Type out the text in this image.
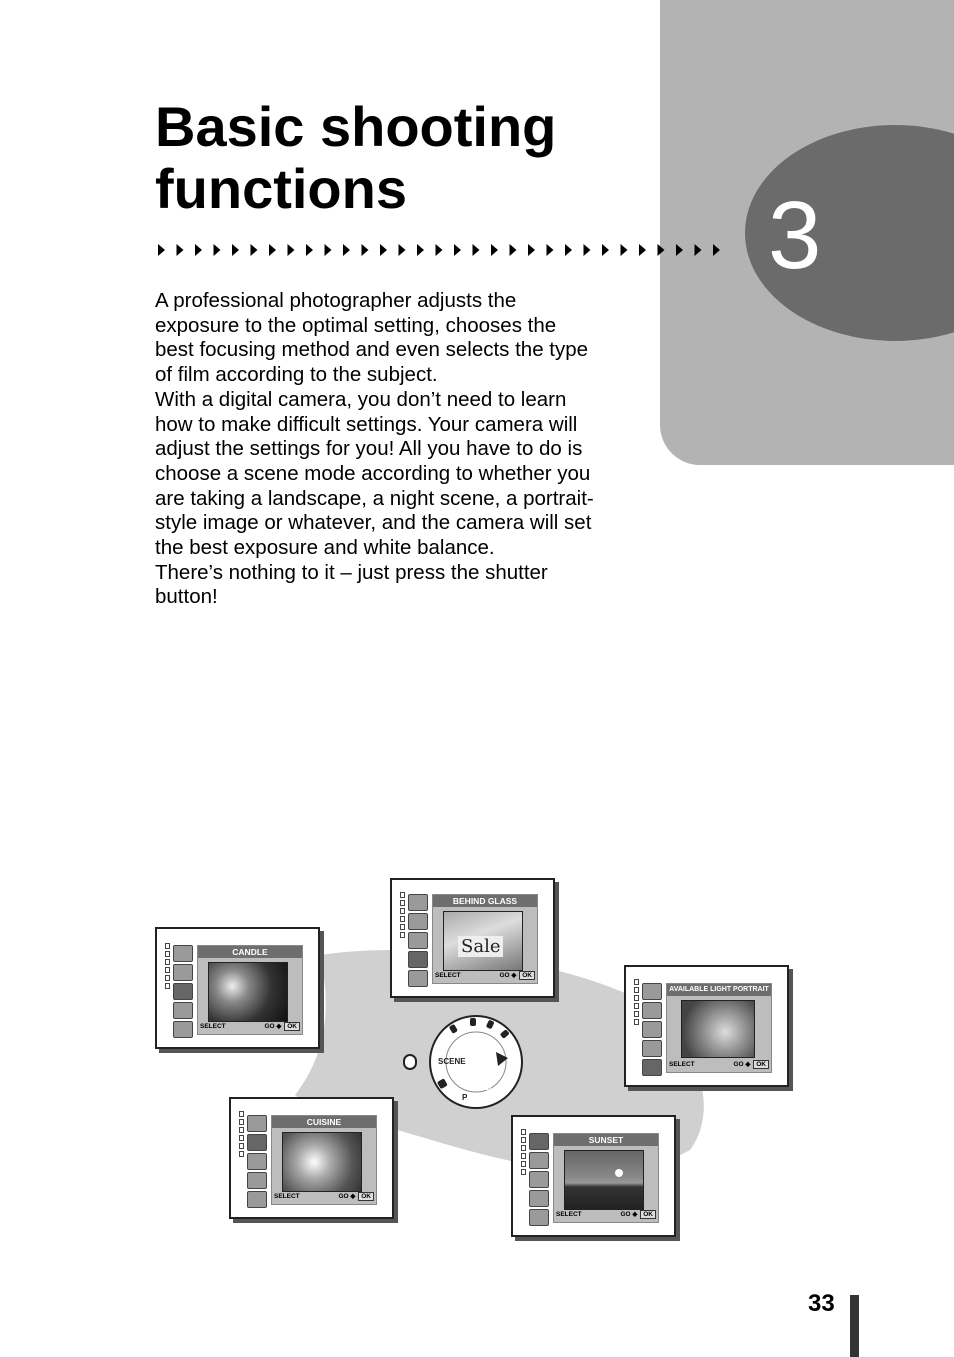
3
Basic shooting
functions

A professional photographer adjusts the exposure to the optimal setting, chooses the best focusing method and even selects the type of film according to the subject.

With a digital camera, you don’t need to learn how to make difficult settings. Your camera will adjust the settings for you! All you have to do is choose a scene mode according to whether you are taking a landscape, a night scene, a portrait-style image or whatever, and the camera will set the best exposure and white balance.

There’s nothing to it – just press the shutter button!

SCENE
AUTO
P
CANDLE
SELECT	GO ◆ OK
BEHIND GLASS
Sale
SELECT	GO ◆ OK
AVAILABLE LIGHT PORTRAIT
SELECT	GO ◆ OK
CUISINE
SELECT	GO ◆ OK
SUNSET
SELECT	GO ◆ OK
33
